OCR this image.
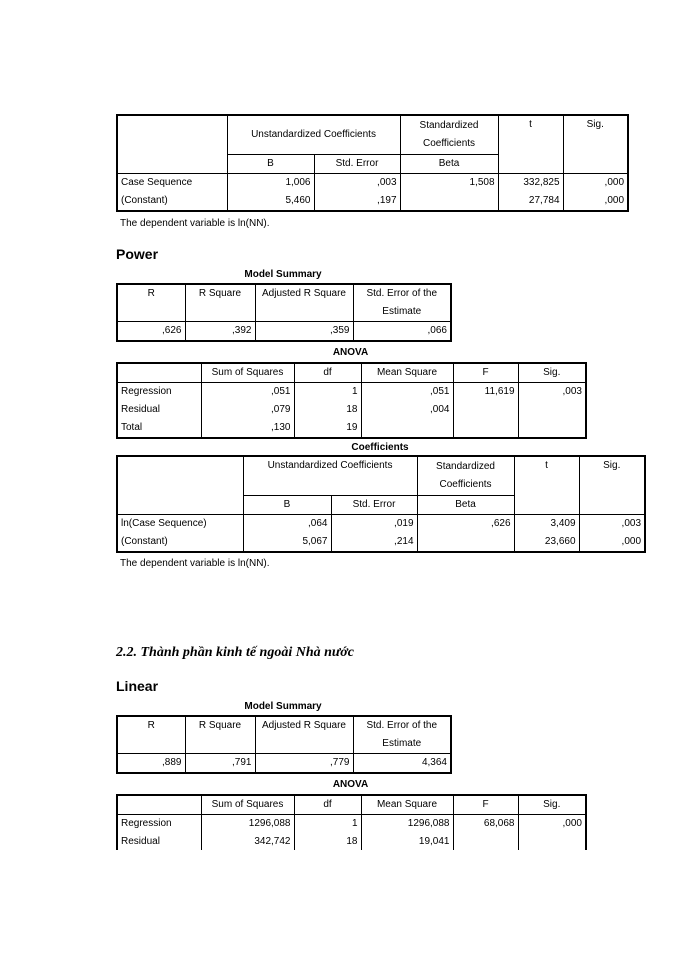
	Unstandardized Coefficients		Standardized Coefficients	t	Sig.
	B	Std. Error	Beta		
Case Sequence	1,006	,003	1,508	332,825	,000
(Constant)	5,460	,197		27,784	,000
The dependent variable is ln(NN).
Power
Model Summary
R	R Square	Adjusted R Square	Std. Error of the Estimate
,626	,392	,359	,066
ANOVA
	Sum of Squares	df	Mean Square	F	Sig.
Regression	,051	1	,051	11,619	,003
Residual	,079	18	,004		
Total	,130	19			
Coefficients
	Unstandardized Coefficients		Standardized Coefficients	t	Sig.
	B	Std. Error	Beta		
ln(Case Sequence)	,064	,019	,626	3,409	,003
(Constant)	5,067	,214		23,660	,000
The dependent variable is ln(NN).
2.2. Thành phần kinh tế ngoài Nhà nước
Linear
Model Summary
R	R Square	Adjusted R Square	Std. Error of the Estimate
,889	,791	,779	4,364
ANOVA
	Sum of Squares	df	Mean Square	F	Sig.
Regression	1296,088	1	1296,088	68,068	,000
Residual	342,742	18	19,041		
